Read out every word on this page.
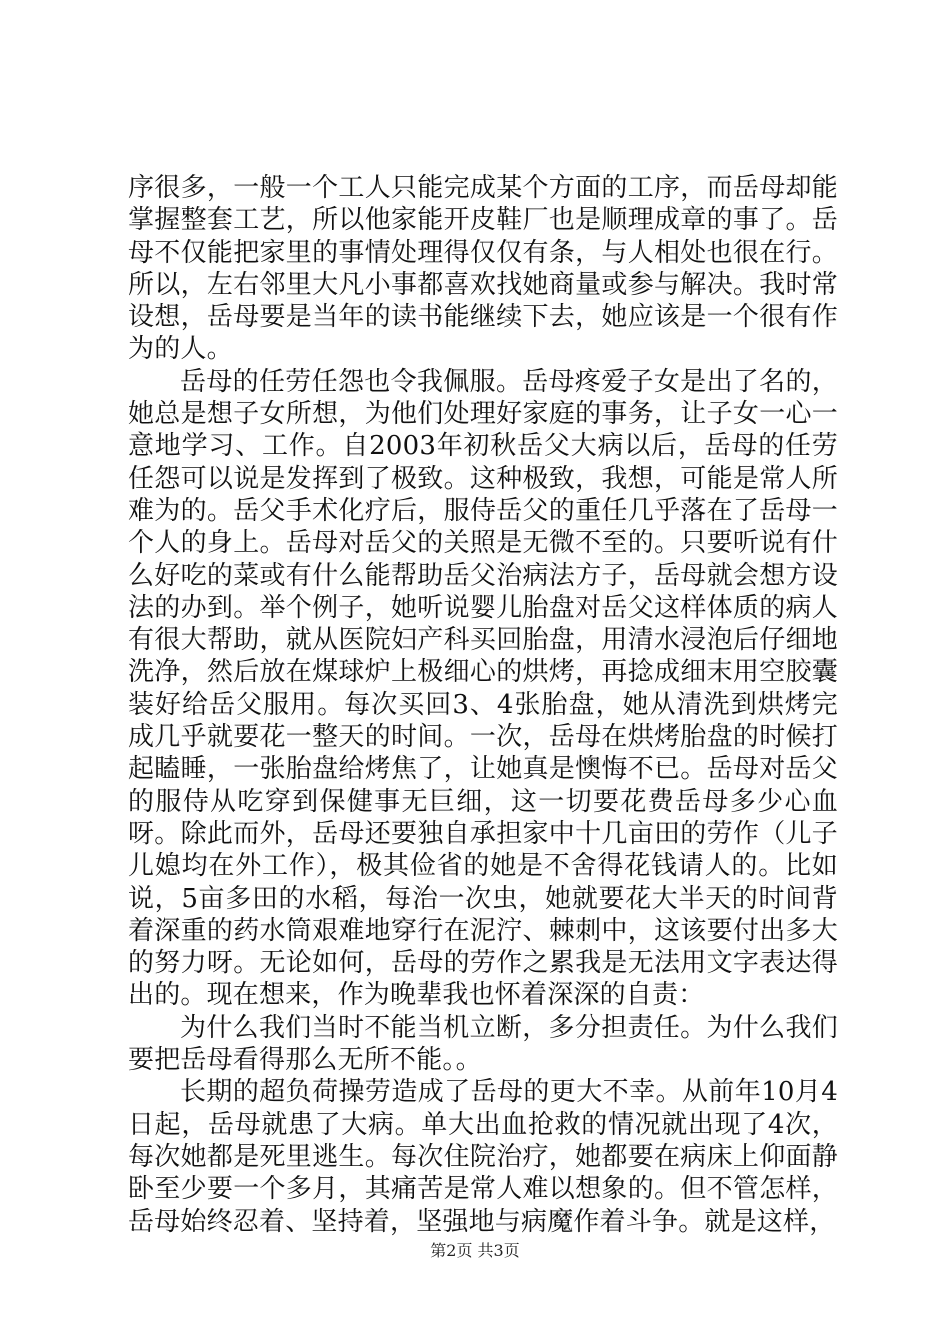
序很多，一般一个工人只能完成某个方面的工序，而岳母却能掌握整套工艺，所以他家能开皮鞋厂也是顺理成章的事了。岳母不仅能把家里的事情处理得仅仅有条，与人相处也很在行。所以，左右邻里大凡小事都喜欢找她商量或参与解决。我时常设想，岳母要是当年的读书能继续下去，她应该是一个很有作为的人。

岳母的任劳任怨也令我佩服。岳母疼爱子女是出了名的，她总是想子女所想，为他们处理好家庭的事务，让子女一心一意地学习、工作。自2003年初秋岳父大病以后，岳母的任劳任怨可以说是发挥到了极致。这种极致，我想，可能是常人所难为的。岳父手术化疗后，服侍岳父的重任几乎落在了岳母一个人的身上。岳母对岳父的关照是无微不至的。只要听说有什么好吃的菜或有什么能帮助岳父治病法方子，岳母就会想方设法的办到。举个例子，她听说婴儿胎盘对岳父这样体质的病人有很大帮助，就从医院妇产科买回胎盘，用清水浸泡后仔细地洗净，然后放在煤球炉上极细心的烘烤，再捻成细末用空胶囊装好给岳父服用。每次买回3、4张胎盘，她从清洗到烘烤完成几乎就要花一整天的时间。一次，岳母在烘烤胎盘的时候打起瞌睡，一张胎盘给烤焦了，让她真是懊悔不已。岳母对岳父的服侍从吃穿到保健事无巨细，这一切要花费岳母多少心血呀。除此而外，岳母还要独自承担家中十几亩田的劳作（儿子儿媳均在外工作），极其俭省的她是不舍得花钱请人的。比如说，5亩多田的水稻，每治一次虫，她就要花大半天的时间背着深重的药水筒艰难地穿行在泥泞、棘刺中，这该要付出多大的努力呀。无论如何，岳母的劳作之累我是无法用文字表达得出的。现在想来，作为晚辈我也怀着深深的自责：

为什么我们当时不能当机立断，多分担责任。为什么我们要把岳母看得那么无所不能。。

长期的超负荷操劳造成了岳母的更大不幸。从前年10月4日起，岳母就患了大病。单大出血抢救的情况就出现了4次，每次她都是死里逃生。每次住院治疗，她都要在病床上仰面静卧至少要一个多月，其痛苦是常人难以想象的。但不管怎样，岳母始终忍着、坚持着，坚强地与病魔作着斗争。就是这样，

第2页 共3页
